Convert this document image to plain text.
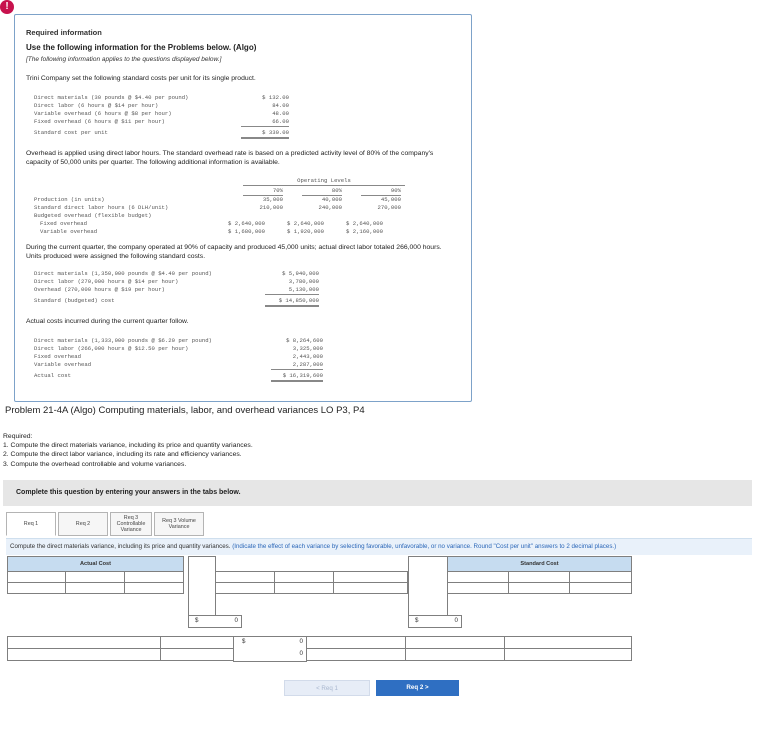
!
Required information
Use the following information for the Problems below. (Algo)
[The following information applies to the questions displayed below.]
Trini Company set the following standard costs per unit for its single product.
Direct materials (30 pounds @ $4.40 per pound)	$ 132.00
Direct labor (6 hours @ $14 per hour)	84.00
Variable overhead (6 hours @ $8 per hour)	48.00
Fixed overhead (6 hours @ $11 per hour)	66.00
Standard cost per unit	$ 330.00
Overhead is applied using direct labor hours. The standard overhead rate is based on a predicted activity level of 80% of the company's capacity of 50,000 units per quarter. The following additional information is available.
Operating Levels
70%	80%	90%
Production (in units)	35,000	40,000	45,000
Standard direct labor hours (6 DLH/unit)	210,000	240,000	270,000
Budgeted overhead (flexible budget)
Fixed overhead	$ 2,640,000	$ 2,640,000	$ 2,640,000
Variable overhead	$ 1,680,000	$ 1,920,000	$ 2,160,000
During the current quarter, the company operated at 90% of capacity and produced 45,000 units; actual direct labor totaled 266,000 hours. Units produced were assigned the following standard costs.
Direct materials (1,350,000 pounds @ $4.40 per pound)	$ 5,940,000
Direct labor (270,000 hours @ $14 per hour)	3,780,000
Overhead (270,000 hours @ $19 per hour)	5,130,000
Standard (budgeted) cost	$ 14,850,000
Actual costs incurred during the current quarter follow.
Direct materials (1,333,000 pounds @ $6.20 per pound)	$ 8,264,600
Direct labor (266,000 hours @ $12.50 per hour)	3,325,000
Fixed overhead	2,443,000
Variable overhead	2,287,000
Actual cost	$ 16,319,600
Problem 21-4A (Algo) Computing materials, labor, and overhead variances LO P3, P4
Required:
1. Compute the direct materials variance, including its price and quantity variances.
2. Compute the direct labor variance, including its rate and efficiency variances.
3. Compute the overhead controllable and volume variances.
Complete this question by entering your answers in the tabs below.
Req 1	Req 2
Req 3 Controllable Variance
Req 3 Volume Variance
Compute the direct materials variance, including its price and quantity variances. (Indicate the effect of each variance by selecting favorable, unfavorable, or no variance. Round "Cost per unit" answers to 2 decimal places.)
Actual Cost	Standard Cost
$	0	$	0
$	0
0
< Req 1	Req 2 >
